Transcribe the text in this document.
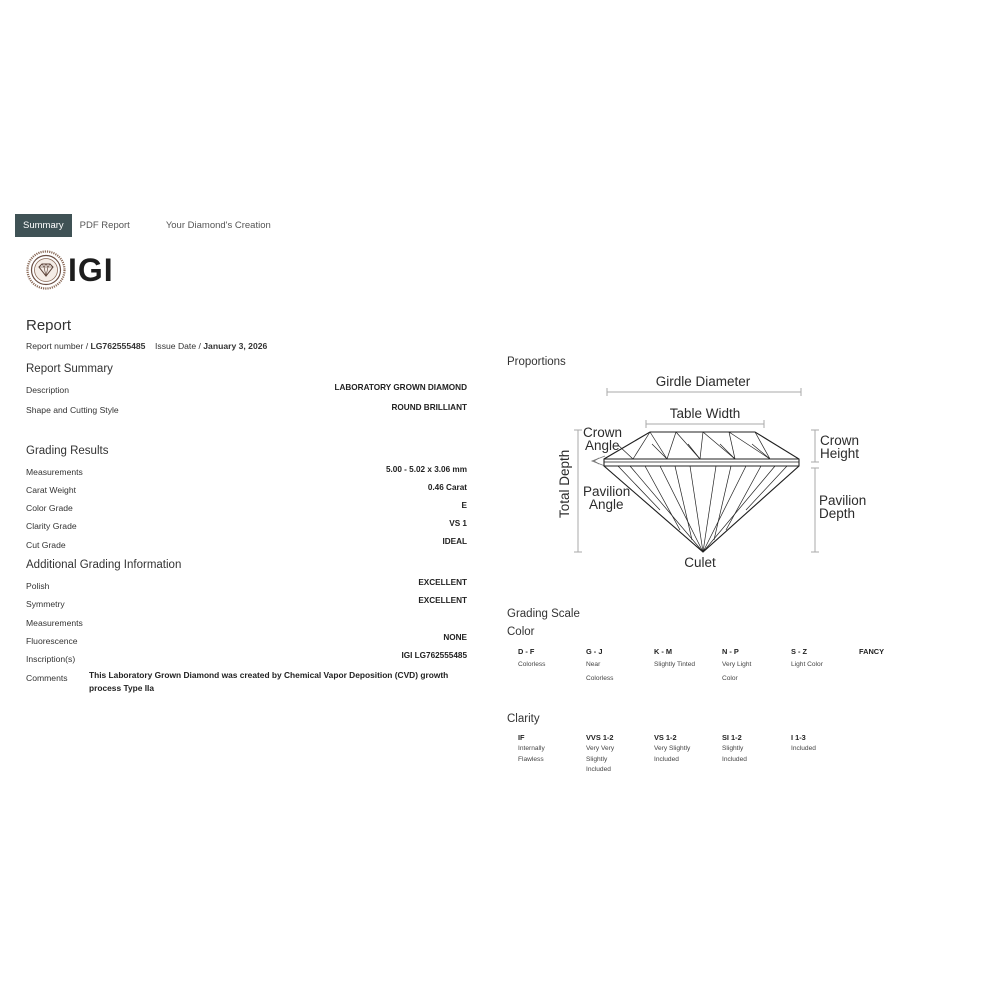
Summary	PDF Report	Your Diamond's Creation
IGI
Report
Report number / LG762555485 Issue Date / January 3, 2026
Report Summary
Description	LABORATORY GROWN DIAMOND
Shape and Cutting Style	ROUND BRILLIANT
Grading Results
Measurements	5.00 - 5.02 x 3.06 mm
Carat Weight	0.46 Carat
Color Grade	E
Clarity Grade	VS 1
Cut Grade	IDEAL
Additional Grading Information
Polish	EXCELLENT
Symmetry	EXCELLENT
Measurements
Fluorescence	NONE
Inscription(s)	IGI LG762555485
Comments	This Laboratory Grown Diamond was created by Chemical Vapor Deposition (CVD) growth process Type IIa
Proportions
Girdle Diameter
Table Width
Crown
Angle	Crown
Height
Total Depth Pavilion
Angle	Pavilion
Depth
Culet
Grading Scale
Color
D - F
Colorless
G - J
Near
Colorless
K - M
Slightly Tinted
N - P
Very Light
Color
S - Z
Light Color
FANCY
Clarity
IF
Internally
Flawless
VVS 1-2
Very Very
Slightly
Included
VS 1-2
Very Slightly
Included
SI 1-2
Slightly
Included
I 1-3
Included
